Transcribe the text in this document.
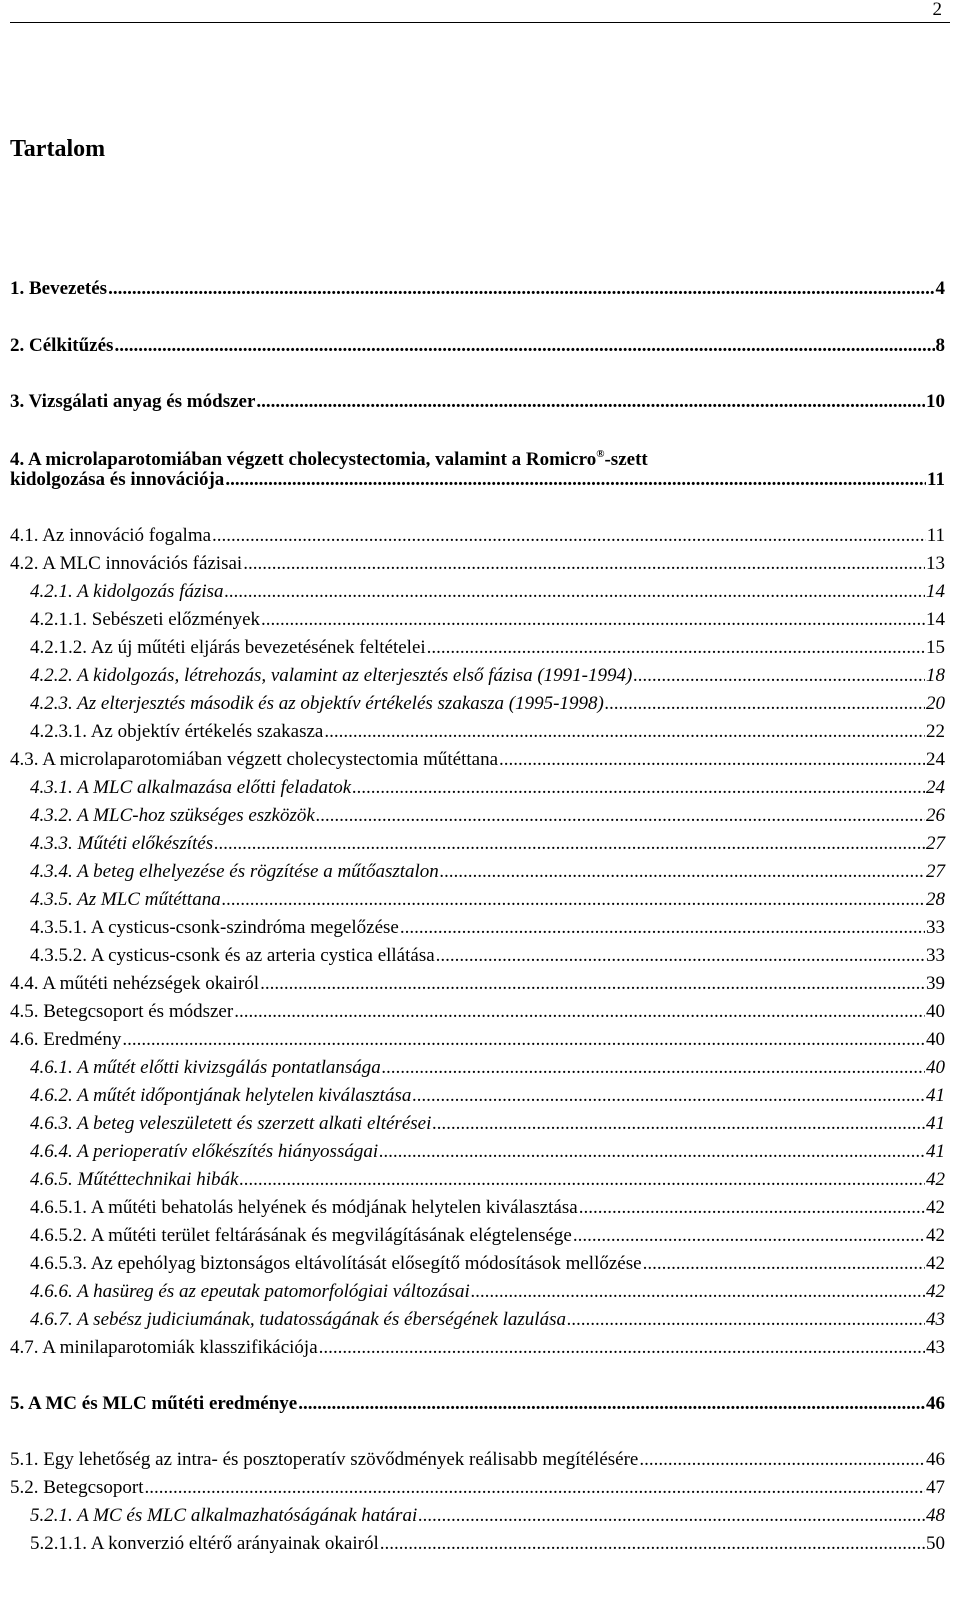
2
Tartalom
1. Bevezetés .....	4
2. Célkitűzés .....	8
3. Vizsgálati anyag és módszer .....	10
4. A microlaparotomiában végzett cholecystectomia, valamint a Romicro®-szett
kidolgozása és innovációja .....	11
4.1. Az innováció fogalma .....	11
4.2. A MLC innovációs fázisai .....	13
4.2.1. A kidolgozás fázisa .....	14
4.2.1.1. Sebészeti előzmények .....	14
4.2.1.2. Az új műtéti eljárás bevezetésének feltételei .....	15
4.2.2. A kidolgozás, létrehozás, valamint az elterjesztés első fázisa (1991-1994) .....	18
4.2.3. Az elterjesztés második és az objektív értékelés szakasza (1995-1998) .....	20
4.2.3.1. Az objektív értékelés szakasza .....	22
4.3. A microlaparotomiában végzett cholecystectomia műtéttana .....	24
4.3.1. A MLC alkalmazása előtti feladatok .....	24
4.3.2. A MLC-hoz szükséges eszközök .....	26
4.3.3. Műtéti előkészítés .....	27
4.3.4. A beteg elhelyezése és rögzítése a műtőasztalon .....	27
4.3.5. Az MLC műtéttana .....	28
4.3.5.1. A cysticus-csonk-szindróma megelőzése .....	33
4.3.5.2. A cysticus-csonk és az arteria cystica ellátása .....	33
4.4. A műtéti nehézségek okairól .....	39
4.5. Betegcsoport és módszer .....	40
4.6. Eredmény .....	40
4.6.1. A műtét előtti kivizsgálás pontatlansága .....	40
4.6.2. A műtét időpontjának helytelen kiválasztása .....	41
4.6.3. A beteg veleszületett és szerzett alkati eltérései .....	41
4.6.4. A perioperatív előkészítés hiányosságai .....	41
4.6.5. Műtéttechnikai hibák .....	42
4.6.5.1. A műtéti behatolás helyének és módjának helytelen kiválasztása .....	42
4.6.5.2. A műtéti terület feltárásának és megvilágításának elégtelensége .....	42
4.6.5.3. Az epehólyag biztonságos eltávolítását elősegítő módosítások mellőzése .....	42
4.6.6. A hasüreg és az epeutak patomorfológiai változásai .....	42
4.6.7. A sebész judiciumának, tudatosságának és éberségének lazulása .....	43
4.7. A minilaparotomiák klasszifikációja .....	43
5. A MC és MLC műtéti eredménye .....	46
5.1. Egy lehetőség az intra- és posztoperatív szövődmények reálisabb megítélésére .....	46
5.2. Betegcsoport .....	47
5.2.1. A MC és MLC alkalmazhatóságának határai .....	48
5.2.1.1. A konverzió eltérő arányainak okairól .....	50
